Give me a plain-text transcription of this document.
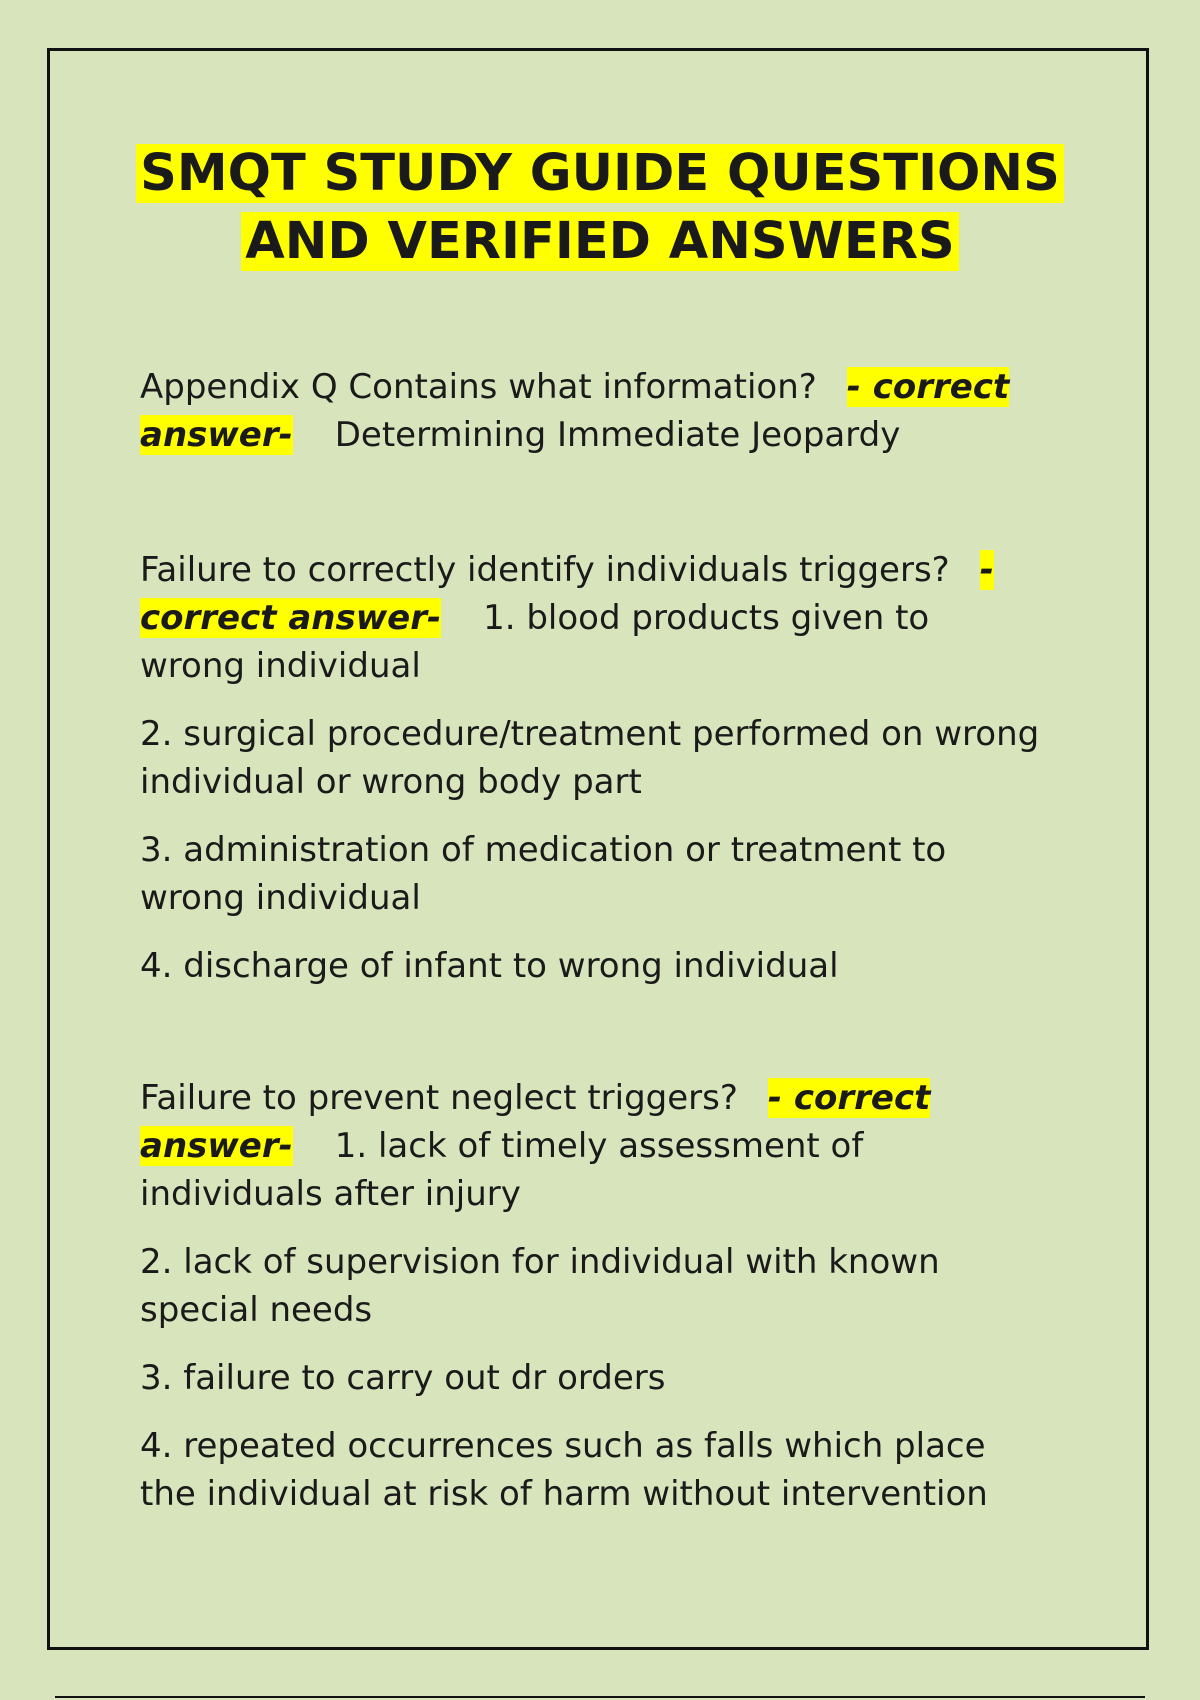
SMQT STUDY GUIDE QUESTIONS
AND VERIFIED ANSWERS

Appendix Q Contains what information? - correct answer- Determining Immediate Jeopardy

Failure to correctly identify individuals triggers? - correct answer- 1. blood products given to wrong individual

2. surgical procedure/treatment performed on wrong individual or wrong body part

3. administration of medication or treatment to wrong individual

4. discharge of infant to wrong individual

Failure to prevent neglect triggers? - correct answer- 1. lack of timely assessment of individuals after injury

2. lack of supervision for individual with known special needs

3. failure to carry out dr orders

4. repeated occurrences such as falls which place the individual at risk of harm without intervention
